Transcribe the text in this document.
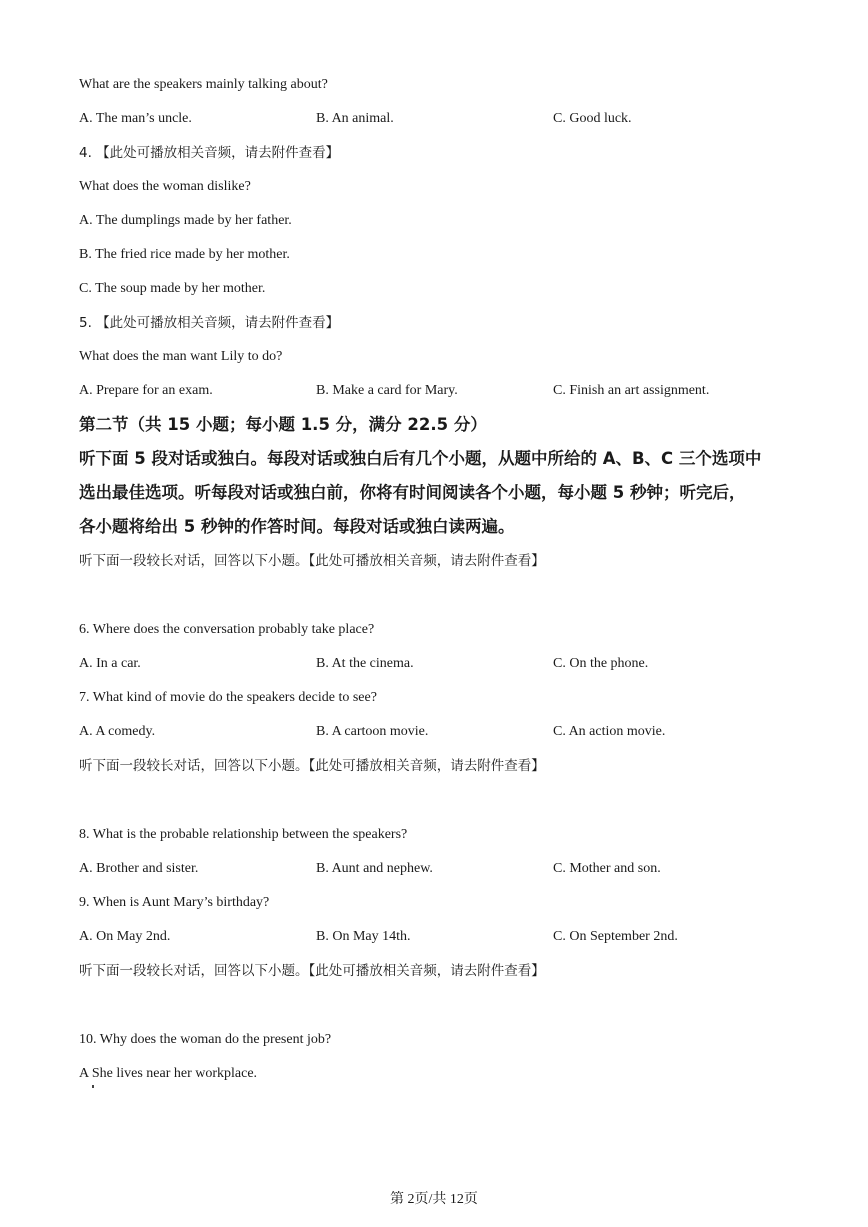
What are the speakers mainly talking about?
A. The man’s uncle.	B. An animal.	C. Good luck.
4. 【此处可播放相关音频，请去附件查看】
What does the woman dislike?
A. The dumplings made by her father.
B. The fried rice made by her mother.
C. The soup made by her mother.
5. 【此处可播放相关音频，请去附件查看】
What does the man want Lily to do?
A. Prepare for an exam.	B. Make a card for Mary.	C. Finish an art assignment.
第二节（共 15 小题；每小题 1.5 分，满分 22.5 分）
听下面 5 段对话或独白。每段对话或独白后有几个小题，从题中所给的 A、B、C 三个选项中
选出最佳选项。听每段对话或独白前，你将有时间阅读各个小题，每小题 5 秒钟；听完后，
各小题将给出 5 秒钟的作答时间。每段对话或独白读两遍。
听下面一段较长对话，回答以下小题。【此处可播放相关音频，请去附件查看】
6. Where does the conversation probably take place?
A. In a car.	B. At the cinema.	C. On the phone.
7. What kind of movie do the speakers decide to see?
A. A comedy.	B. A cartoon movie.	C. An action movie.
听下面一段较长对话，回答以下小题。【此处可播放相关音频，请去附件查看】
8. What is the probable relationship between the speakers?
A. Brother and sister.	B. Aunt and nephew.	C. Mother and son.
9. When is Aunt Mary’s birthday?
A. On May 2nd.	B. On May 14th.	C. On September 2nd.
听下面一段较长对话，回答以下小题。【此处可播放相关音频，请去附件查看】
10. Why does the woman do the present job?
A She lives near her workplace.
第 2页/共 12页
